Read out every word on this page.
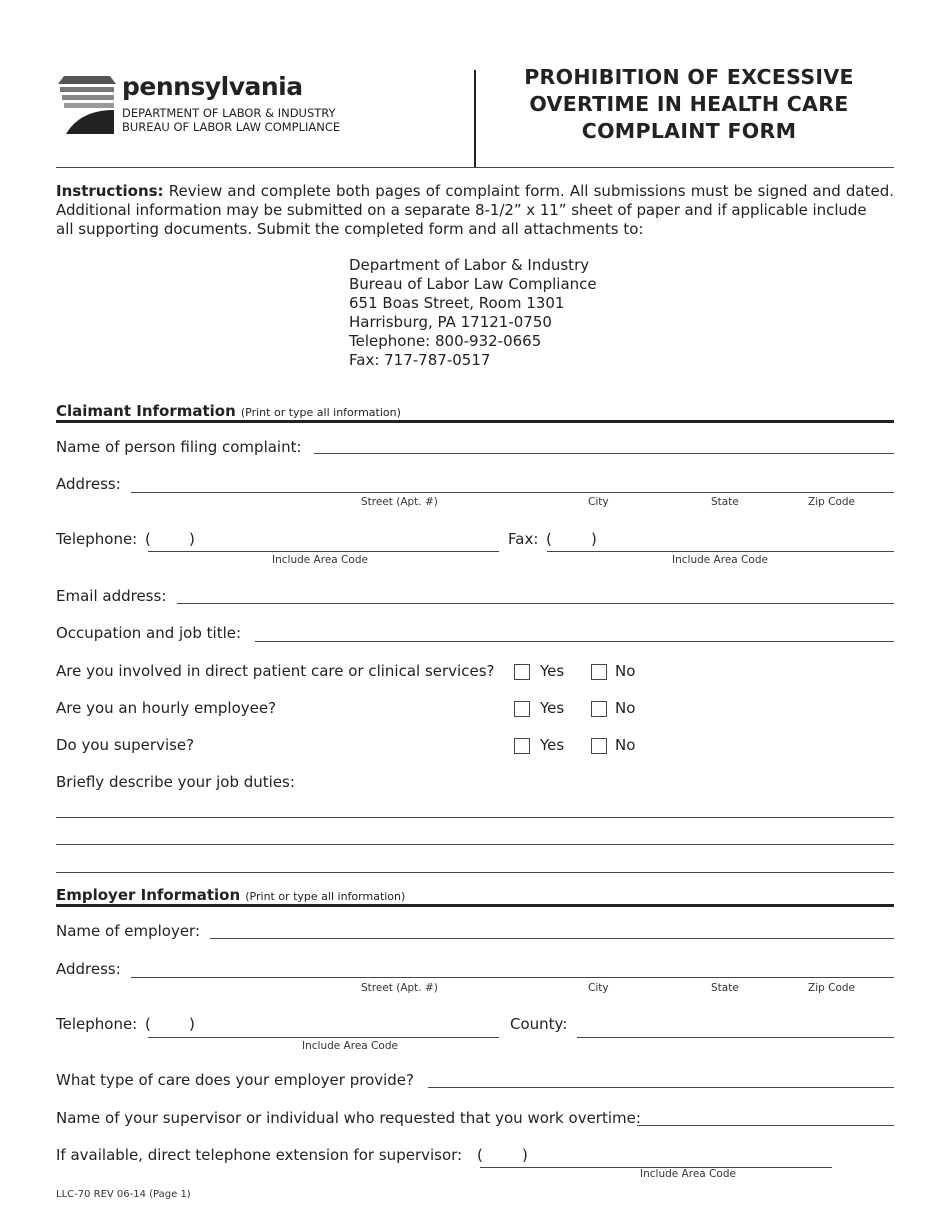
pennsylvania
DEPARTMENT OF LABOR & INDUSTRY
BUREAU OF LABOR LAW COMPLIANCE
PROHIBITION OF EXCESSIVE
OVERTIME IN HEALTH CARE
COMPLAINT FORM
Instructions: Review and complete both pages of complaint form. All submissions must be signed and dated.
Additional information may be submitted on a separate 8-1/2” x 11” sheet of paper and if applicable include
all supporting documents. Submit the completed form and all attachments to:
Department of Labor & Industry
Bureau of Labor Law Compliance
651 Boas Street, Room 1301
Harrisburg, PA 17121-0750
Telephone: 800-932-0665
Fax: 717-787-0517
Claimant Information (Print or type all information)
Name of person filing complaint:
Address:
Street (Apt. #)	City	State	Zip Code
Telephone: (	)
Include Area Code
Fax: (	)
Include Area Code
Email address:
Occupation and job title:
Are you involved in direct patient care or clinical services?	Yes	No
Are you an hourly employee?	Yes	No
Do you supervise?	Yes	No
Briefly describe your job duties:
Employer Information (Print or type all information)
Name of employer:
Address:
Street (Apt. #)	City	State	Zip Code
Telephone: (	)
Include Area Code
County:
What type of care does your employer provide?
Name of your supervisor or individual who requested that you work overtime:
If available, direct telephone extension for supervisor: (	)
Include Area Code
LLC-70 REV 06-14 (Page 1)
